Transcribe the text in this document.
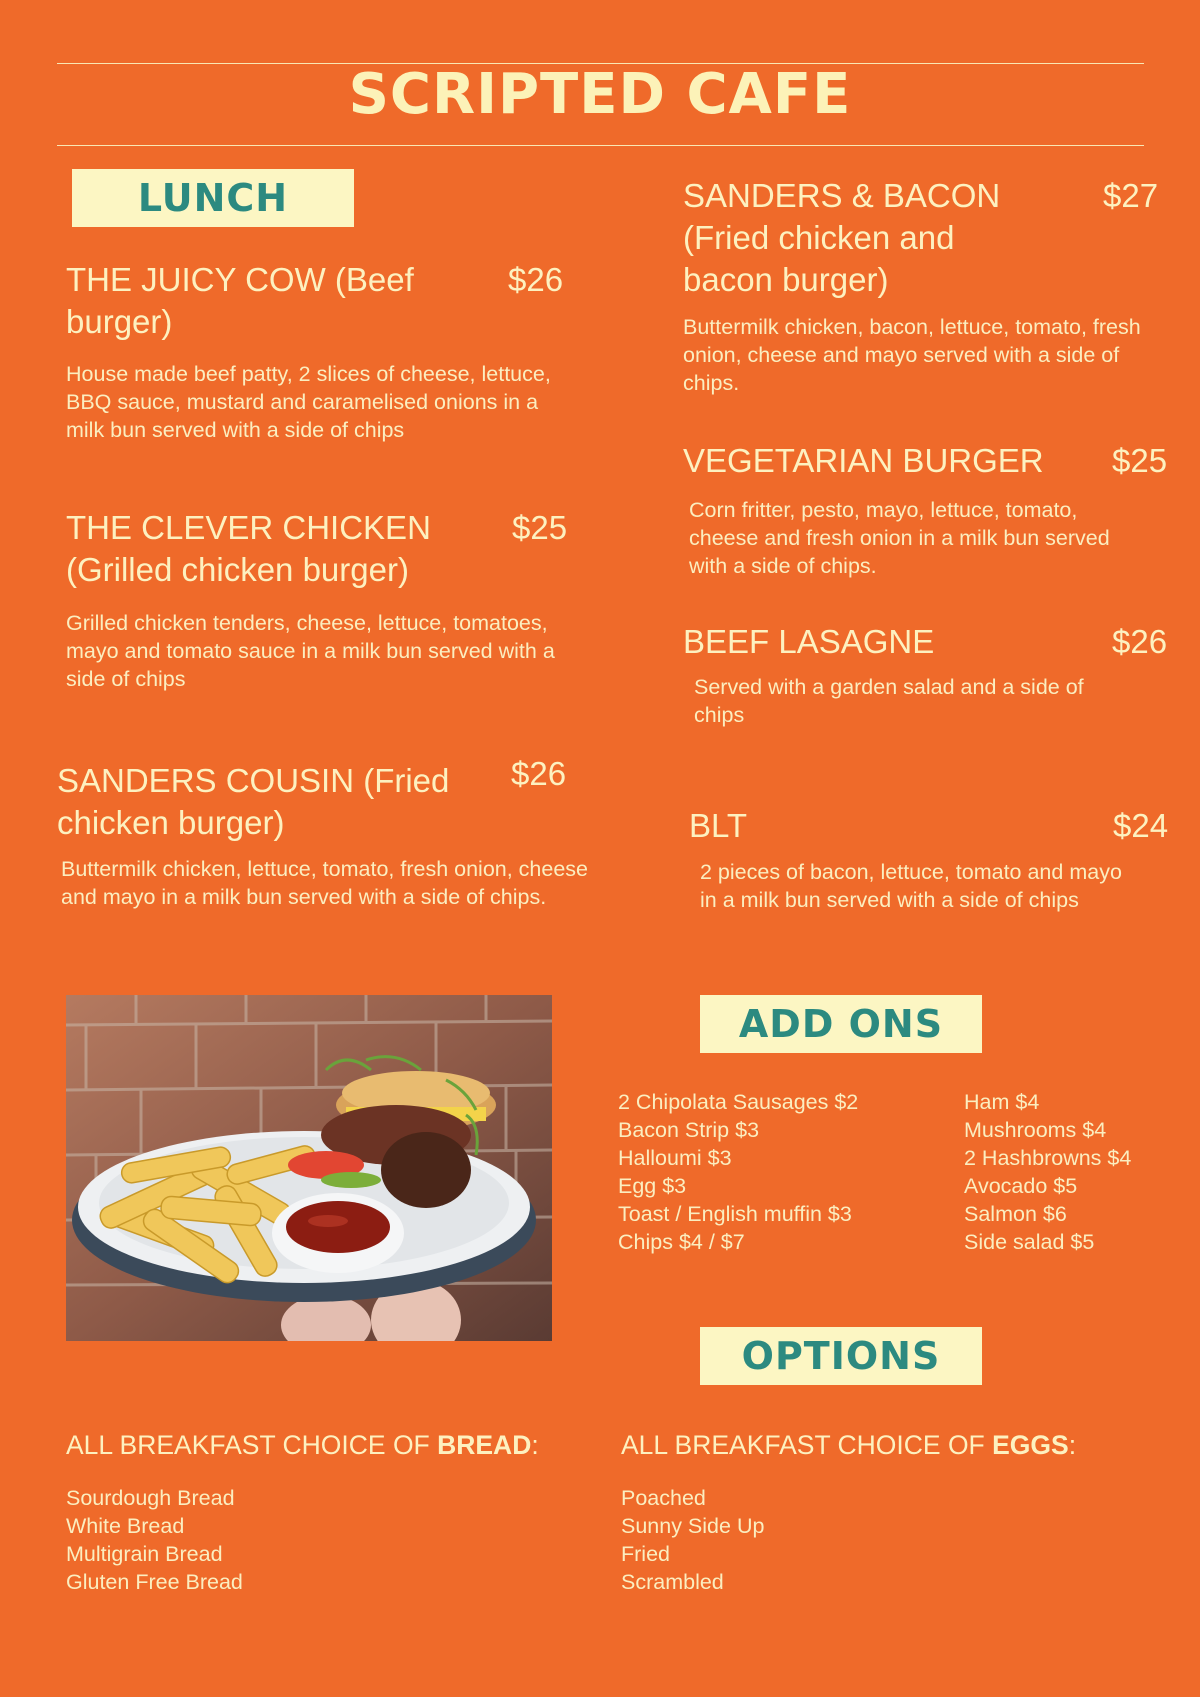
SCRIPTED CAFE
LUNCH
THE JUICY COW (Beef burger)
$26
House made beef patty, 2 slices of cheese, lettuce, BBQ sauce, mustard and caramelised onions in a milk bun served with a side of chips
THE CLEVER CHICKEN (Grilled chicken burger)
$25
Grilled chicken tenders, cheese, lettuce, tomatoes, mayo and tomato sauce in a milk bun served with a side of chips
SANDERS COUSIN (Fried chicken burger)
$26
Buttermilk chicken, lettuce, tomato, fresh onion, cheese and mayo in a milk bun served with a side of chips.
SANDERS & BACON (Fried chicken and bacon burger)
$27
Buttermilk chicken, bacon, lettuce, tomato, fresh onion, cheese and mayo served with a side of chips.
VEGETARIAN BURGER	$25
Corn fritter, pesto, mayo, lettuce, tomato, cheese and fresh onion in a milk bun served with a side of chips.
BEEF LASAGNE	$26
Served with a garden salad and a side of chips
BLT	$24
2 pieces of bacon, lettuce, tomato and mayo in a milk bun served with a side of chips
ADD ONS
2 Chipolata Sausages $2
Bacon Strip $3
Halloumi $3
Egg $3
Toast / English muffin $3
Chips $4 / $7
Ham $4
Mushrooms $4
2 Hashbrowns $4
Avocado $5
Salmon $6
Side salad $5
OPTIONS
ALL BREAKFAST CHOICE OF BREAD:
Sourdough Bread
White Bread
Multigrain Bread
Gluten Free Bread
ALL BREAKFAST CHOICE OF EGGS:
Poached
Sunny Side Up
Fried
Scrambled
